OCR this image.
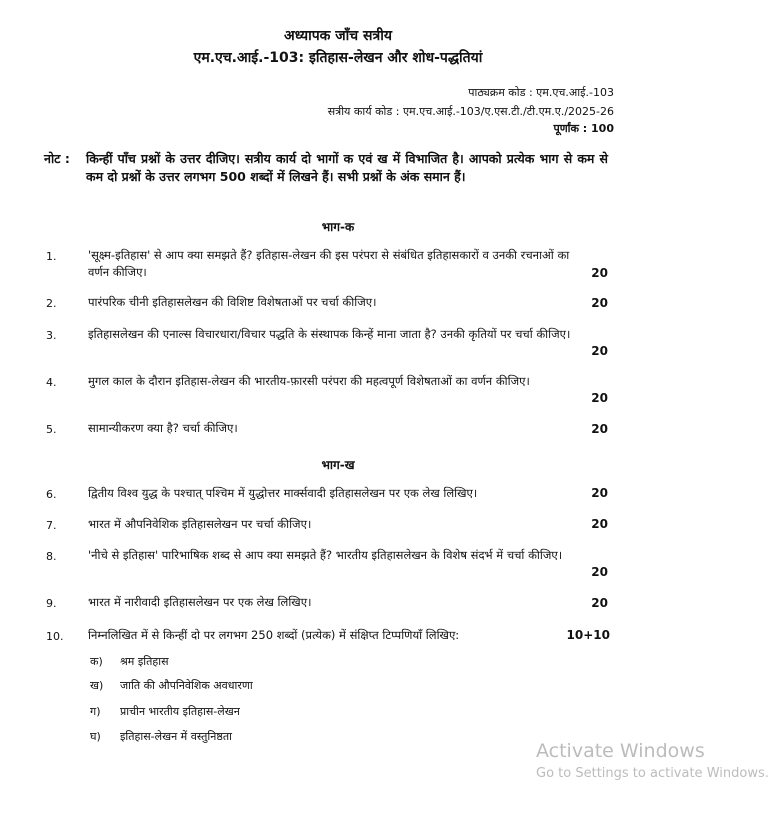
अध्यापक जाँच सत्रीय
एम.एच.आई.-103: इतिहास-लेखन और शोध-पद्धतियां
पाठ्यक्रम कोड : एम.एच.आई.-103
सत्रीय कार्य कोड : एम.एच.आई.-103/ए.एस.टी./टी.एम.ए./2025-26
पूर्णांक : 100
नोट : किन्हीं पाँच प्रश्नों के उत्तर दीजिए। सत्रीय कार्य दो भागों क एवं ख में विभाजित है। आपको प्रत्येक भाग से कम से कम दो प्रश्नों के उत्तर लगभग 500 शब्दों में लिखने हैं। सभी प्रश्नों के अंक समान हैं।
भाग-क
1.	'सूक्ष्म-इतिहास' से आप क्या समझते हैं? इतिहास-लेखन की इस परंपरा से संबंधित इतिहासकारों व उनकी रचनाओं का वर्णन कीजिए।	20
2.	पारंपरिक चीनी इतिहासलेखन की विशिष्ट विशेषताओं पर चर्चा कीजिए।	20
3.	इतिहासलेखन की एनाल्स विचारधारा/विचार पद्धति के संस्थापक किन्हें माना जाता है? उनकी कृतियों पर चर्चा कीजिए।
20
4.	मुगल काल के दौरान इतिहास-लेखन की भारतीय-फ़ारसी परंपरा की महत्वपूर्ण विशेषताओं का वर्णन कीजिए।
20
5.	सामान्यीकरण क्या है? चर्चा कीजिए।	20
भाग-ख
6.	द्वितीय विश्व युद्ध के पश्चात् पश्चिम में युद्धोत्तर मार्क्सवादी इतिहासलेखन पर एक लेख लिखिए।	20
7.	भारत में औपनिवेशिक इतिहासलेखन पर चर्चा कीजिए।	20
8.	'नीचे से इतिहास' पारिभाषिक शब्द से आप क्या समझते हैं? भारतीय इतिहासलेखन के विशेष संदर्भ में चर्चा कीजिए।
20
9.	भारत में नारीवादी इतिहासलेखन पर एक लेख लिखिए।	20
10. निम्नलिखित में से किन्हीं दो पर लगभग 250 शब्दों (प्रत्येक) में संक्षिप्त टिप्पणियाँ लिखिए:	10+10
क) श्रम इतिहास
ख) जाति की औपनिवेशिक अवधारणा
ग) प्राचीन भारतीय इतिहास-लेखन
घ) इतिहास-लेखन में वस्तुनिष्ठता
Activate Windows
Go to Settings to activate Windows.
